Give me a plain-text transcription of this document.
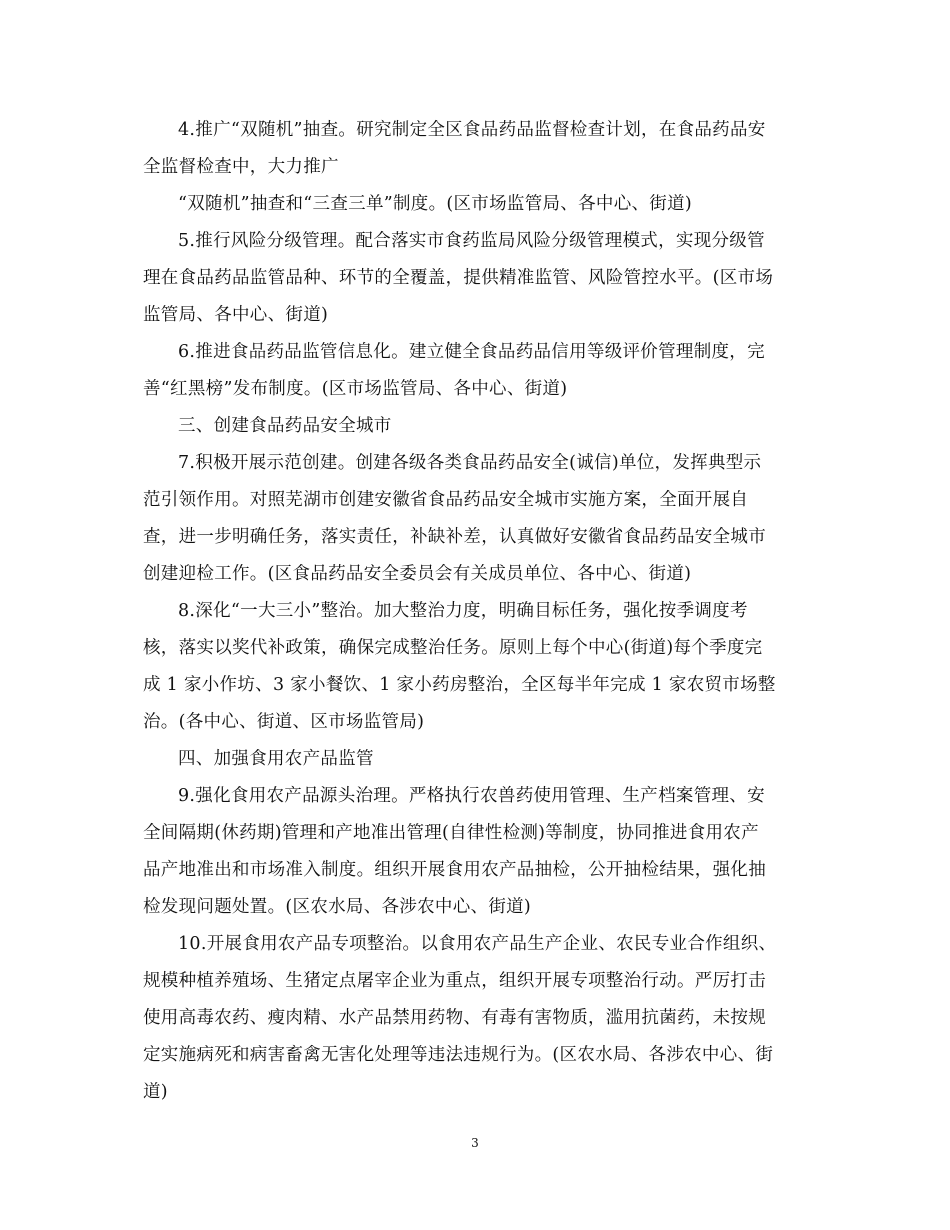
4.推广“双随机”抽查。研究制定全区食品药品监督检查计划，在食品药品安
全监督检查中，大力推广
“双随机”抽查和“三查三单”制度。(区市场监管局、各中心、街道)
5.推行风险分级管理。配合落实市食药监局风险分级管理模式，实现分级管
理在食品药品监管品种、环节的全覆盖，提供精准监管、风险管控水平。(区市场
监管局、各中心、街道)
6.推进食品药品监管信息化。建立健全食品药品信用等级评价管理制度，完
善“红黑榜”发布制度。(区市场监管局、各中心、街道)
三、创建食品药品安全城市
7.积极开展示范创建。创建各级各类食品药品安全(诚信)单位，发挥典型示
范引领作用。对照芜湖市创建安徽省食品药品安全城市实施方案，全面开展自
查，进一步明确任务，落实责任，补缺补差，认真做好安徽省食品药品安全城市
创建迎检工作。(区食品药品安全委员会有关成员单位、各中心、街道)
8.深化“一大三小”整治。加大整治力度，明确目标任务，强化按季调度考
核，落实以奖代补政策，确保完成整治任务。原则上每个中心(街道)每个季度完
成 1 家小作坊、3 家小餐饮、1 家小药房整治，全区每半年完成 1 家农贸市场整
治。(各中心、街道、区市场监管局)
四、加强食用农产品监管
9.强化食用农产品源头治理。严格执行农兽药使用管理、生产档案管理、安
全间隔期(休药期)管理和产地准出管理(自律性检测)等制度，协同推进食用农产
品产地准出和市场准入制度。组织开展食用农产品抽检，公开抽检结果，强化抽
检发现问题处置。(区农水局、各涉农中心、街道)
10.开展食用农产品专项整治。以食用农产品生产企业、农民专业合作组织、
规模种植养殖场、生猪定点屠宰企业为重点，组织开展专项整治行动。严厉打击
使用高毒农药、瘦肉精、水产品禁用药物、有毒有害物质，滥用抗菌药，未按规
定实施病死和病害畜禽无害化处理等违法违规行为。(区农水局、各涉农中心、街
道)
3
